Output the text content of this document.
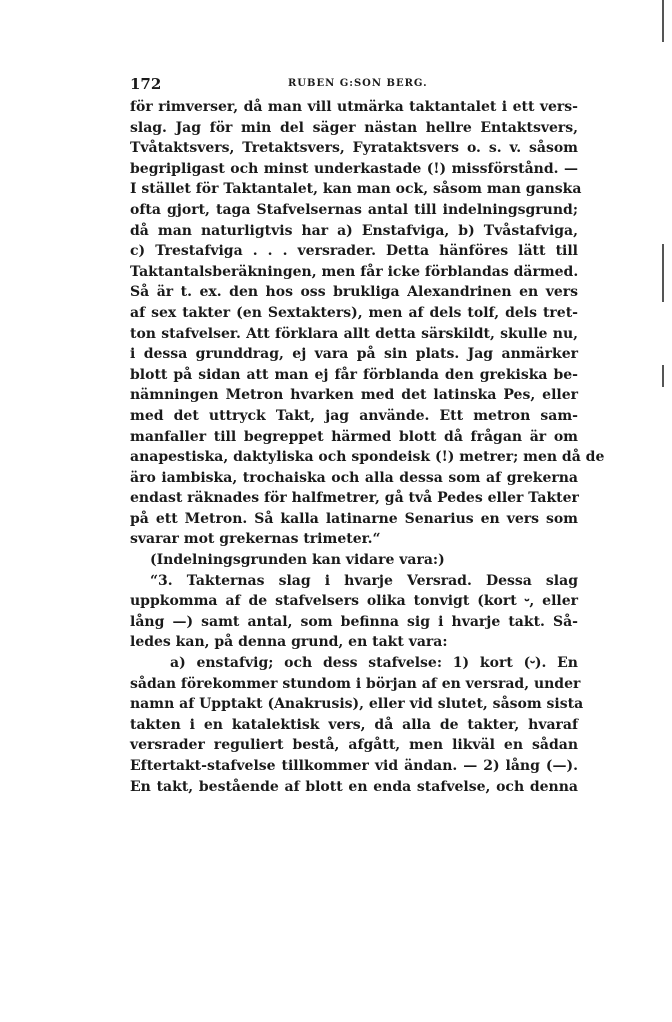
172	RUBEN G:SON BERG.
för rimverser, då man vill utmärka taktantalet i ett vers-
slag. Jag för min del säger nästan hellre Entaktsvers,
Tvåtaktsvers, Tretaktsvers, Fyrataktsvers o. s. v. såsom
begripligast och minst underkastade (!) missförstånd. —
I stället för Taktantalet, kan man ock, såsom man ganska
ofta gjort, taga Stafvelsernas antal till indelningsgrund;
då man naturligtvis har a) Enstafviga, b) Tvåstafviga,
c) Trestafviga . . . versrader. Detta hänföres lätt till
Taktantalsberäkningen, men får icke förblandas därmed.
Så är t. ex. den hos oss brukliga Alexandrinen en vers
af sex takter (en Sextakters), men af dels tolf, dels tret-
ton stafvelser. Att förklara allt detta särskildt, skulle nu,
i dessa grunddrag, ej vara på sin plats. Jag anmärker
blott på sidan att man ej får förblanda den grekiska be-
nämningen Metron hvarken med det latinska Pes, eller
med det uttryck Takt, jag använde. Ett metron sam-
manfaller till begreppet härmed blott då frågan är om
anapestiska, daktyliska och spondeisk (!) metrer; men då de
äro iambiska, trochaiska och alla dessa som af grekerna
endast räknades för halfmetrer, gå två Pedes eller Takter
på ett Metron. Så kalla latinarne Senarius en vers som
svarar mot grekernas trimeter.“
(Indelningsgrunden kan vidare vara:)
“3. Takternas slag i hvarje Versrad. Dessa slag
uppkomma af de stafvelsers olika tonvigt (kort ⏑, eller
lång —) samt antal, som befinna sig i hvarje takt. Så-
ledes kan, på denna grund, en takt vara:
a) enstafvig; och dess stafvelse: 1) kort (⏑). En
sådan förekommer stundom i början af en versrad, under
namn af Upptakt (Anakrusis), eller vid slutet, såsom sista
takten i en katalektisk vers, då alla de takter, hvaraf
versrader reguliert bestå, afgått, men likväl en sådan
Eftertakt-stafvelse tillkommer vid ändan. — 2) lång (—).
En takt, bestående af blott en enda stafvelse, och denna
